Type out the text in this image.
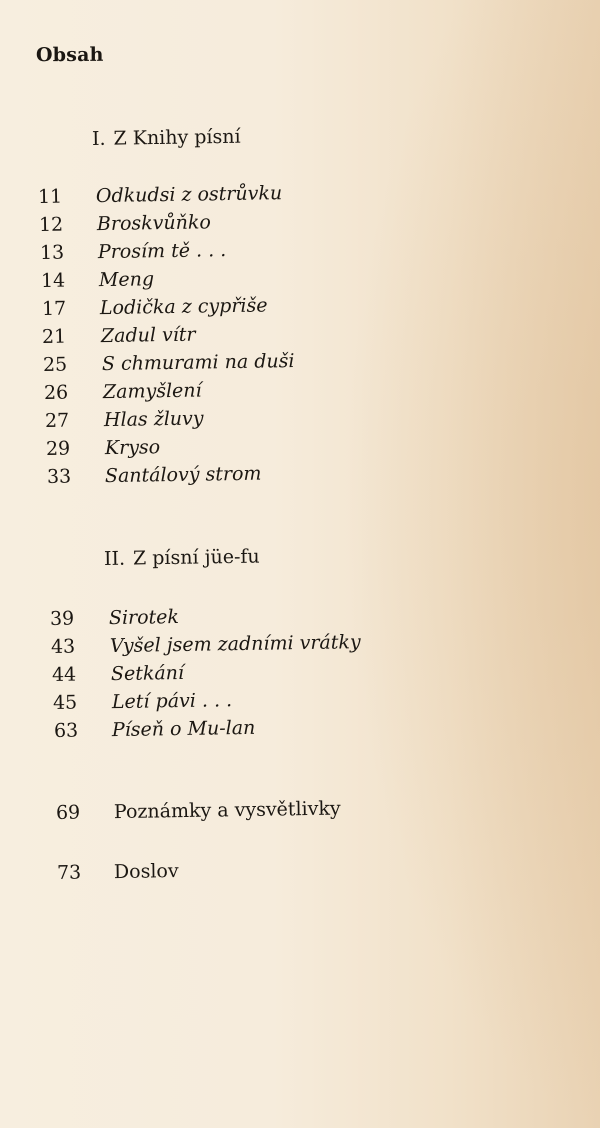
Obsah
I. Z Knihy písní
11	Odkudsi z ostrůvku
12	Broskvůňko
13	Prosím tě . . .
14	Meng
17	Lodička z cypřiše
21	Zadul vítr
25	S chmurami na duši
26	Zamyšlení
27	Hlas žluvy
29	Kryso
33	Santálový strom
II. Z písní jüe-fu
39	Sirotek
43	Vyšel jsem zadními vrátky
44	Setkání
45	Letí pávi . . .
63	Píseň o Mu-lan
69	Poznámky a vysvětlivky
73	Doslov
